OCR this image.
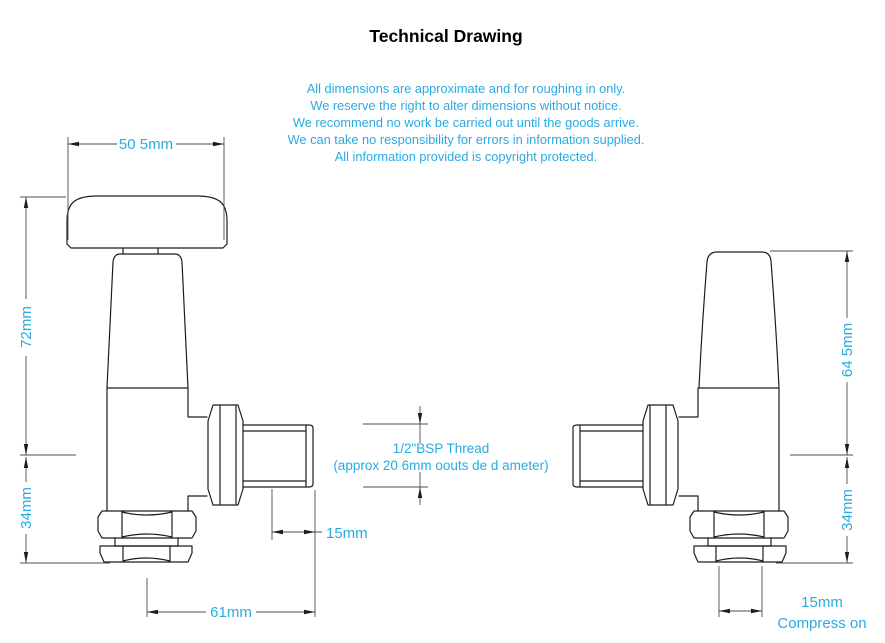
Technical Drawing
All dimensions are approximate and for roughing in only.
We reserve the right to alter dimensions without notice.
We recommend no work be carried out until the goods arrive.
We can take no responsibility for errors in information supplied.
All information provided is copyright protected.
50 5mm
72mm
34mm
61mm
15mm
1/2"BSP Thread
(approx 20 6mm oouts de d ameter)
64 5mm
34mm
15mm
Compress on
